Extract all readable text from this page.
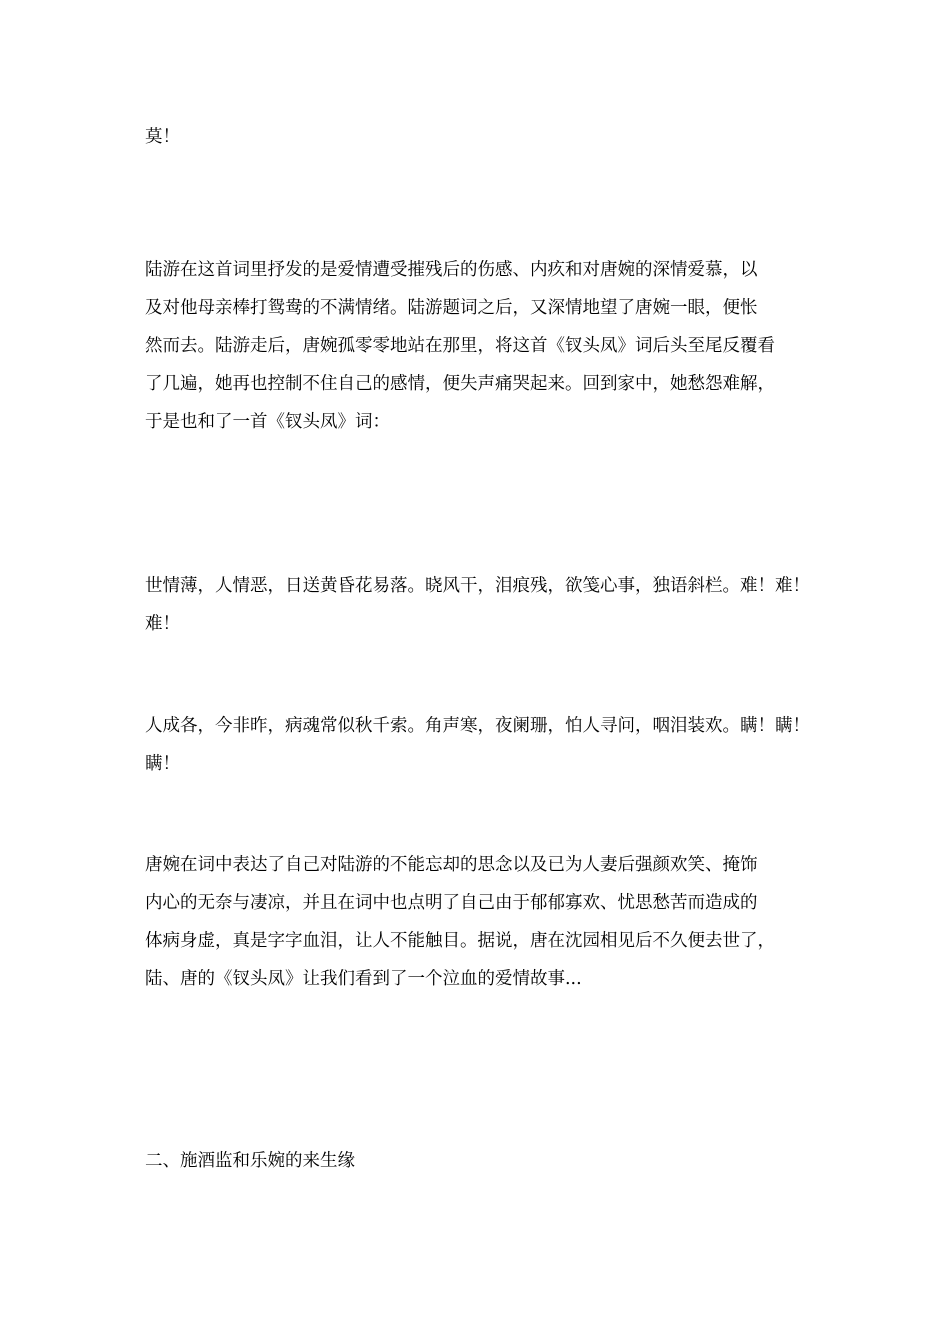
莫！

陆游在这首词里抒发的是爱情遭受摧残后的伤感、内疚和对唐婉的深情爱慕，以
及对他母亲棒打鸳鸯的不满情绪。陆游题词之后，又深情地望了唐婉一眼，便怅
然而去。陆游走后，唐婉孤零零地站在那里，将这首《钗头凤》词后头至尾反覆看
了几遍，她再也控制不住自己的感情，便失声痛哭起来。回到家中，她愁怨难解，
于是也和了一首《钗头凤》词：

世情薄，人情恶，日送黄昏花易落。晓风干，泪痕残，欲笺心事，独语斜栏。难！难！
难！

人成各，今非昨，病魂常似秋千索。角声寒，夜阑珊，怕人寻问，咽泪装欢。瞒！瞒！
瞒！

唐婉在词中表达了自己对陆游的不能忘却的思念以及已为人妻后强颜欢笑、掩饰
内心的无奈与凄凉，并且在词中也点明了自己由于郁郁寡欢、忧思愁苦而造成的
体病身虚，真是字字血泪，让人不能触目。据说，唐在沈园相见后不久便去世了，
陆、唐的《钗头凤》让我们看到了一个泣血的爱情故事...

二、施酒监和乐婉的来生缘
